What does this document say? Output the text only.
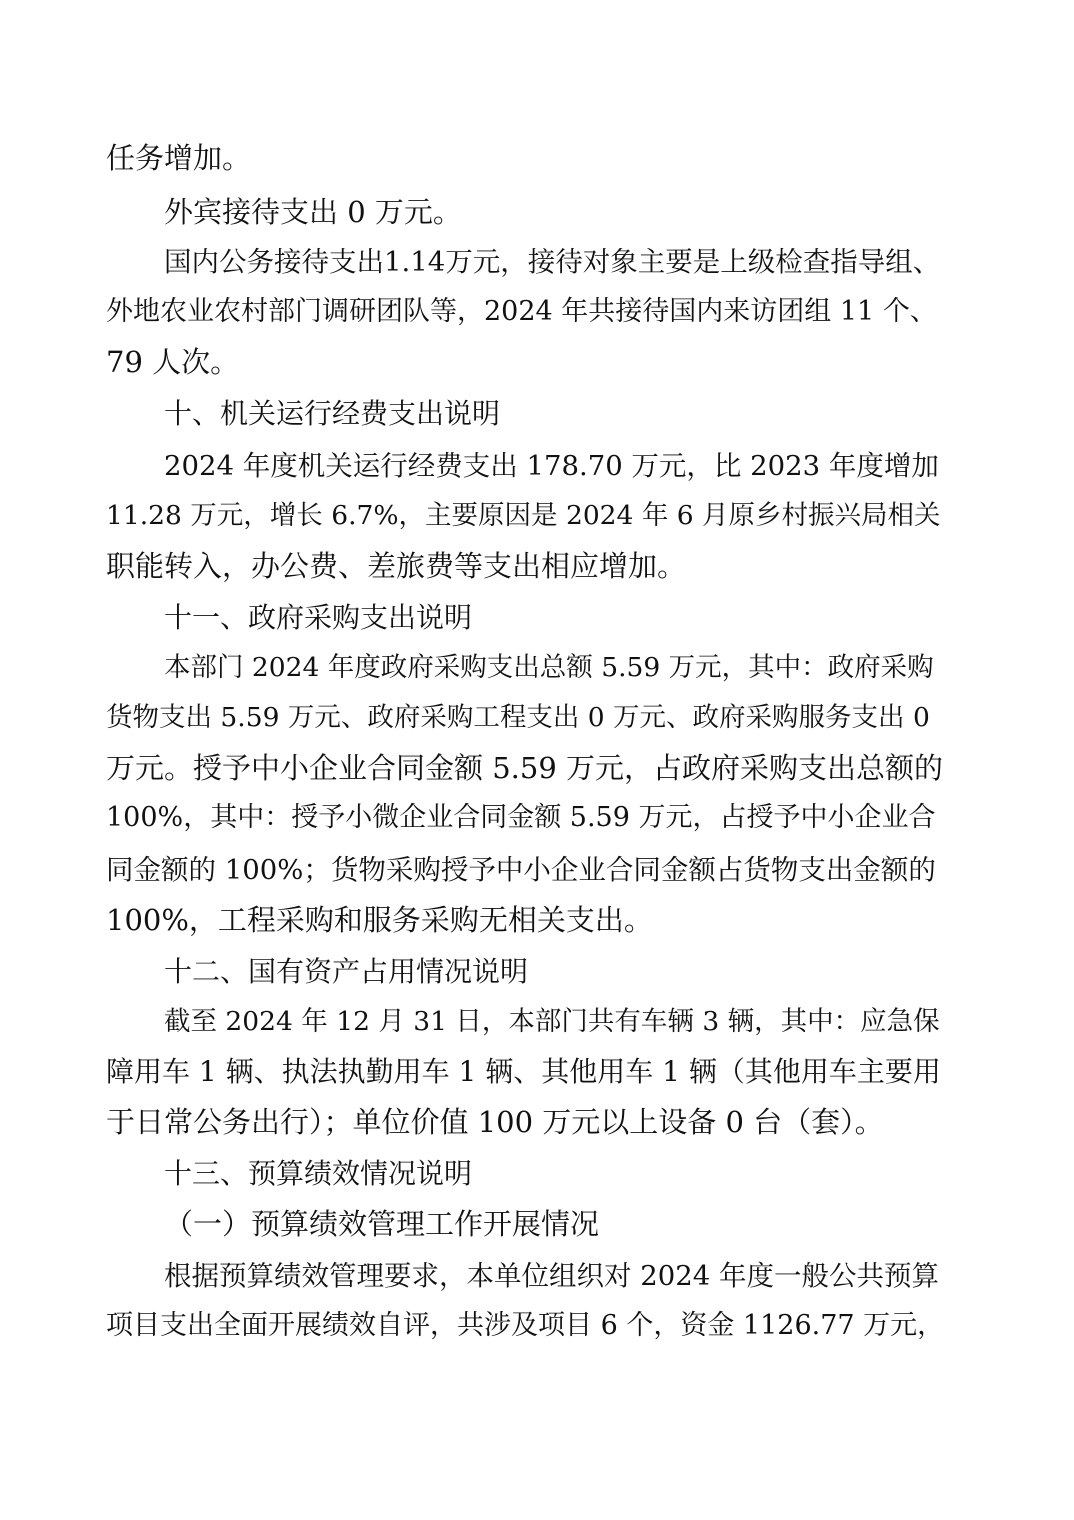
任务增加。

外宾接待支出 0 万元。

国内公务接待支出1.14万元，接待对象主要是上级检查指导组、

外地农业农村部门调研团队等，2024 年共接待国内来访团组 11 个、

79 人次。

十、机关运行经费支出说明

2024 年度机关运行经费支出 178.70 万元，比 2023 年度增加

11.28 万元，增长 6.7%，主要原因是 2024 年 6 月原乡村振兴局相关

职能转入，办公费、差旅费等支出相应增加。

十一、政府采购支出说明

本部门 2024 年度政府采购支出总额 5.59 万元，其中：政府采购

货物支出 5.59 万元、政府采购工程支出 0 万元、政府采购服务支出 0

万元。授予中小企业合同金额 5.59 万元，占政府采购支出总额的

100%，其中：授予小微企业合同金额 5.59 万元，占授予中小企业合

同金额的 100%；货物采购授予中小企业合同金额占货物支出金额的

100%，工程采购和服务采购无相关支出。

十二、国有资产占用情况说明

截至 2024 年 12 月 31 日，本部门共有车辆 3 辆，其中：应急保

障用车 1 辆、执法执勤用车 1 辆、其他用车 1 辆（其他用车主要用

于日常公务出行）；单位价值 100 万元以上设备 0 台（套）。

十三、预算绩效情况说明

（一）预算绩效管理工作开展情况

根据预算绩效管理要求，本单位组织对 2024 年度一般公共预算

项目支出全面开展绩效自评，共涉及项目 6 个，资金 1126.77 万元，
